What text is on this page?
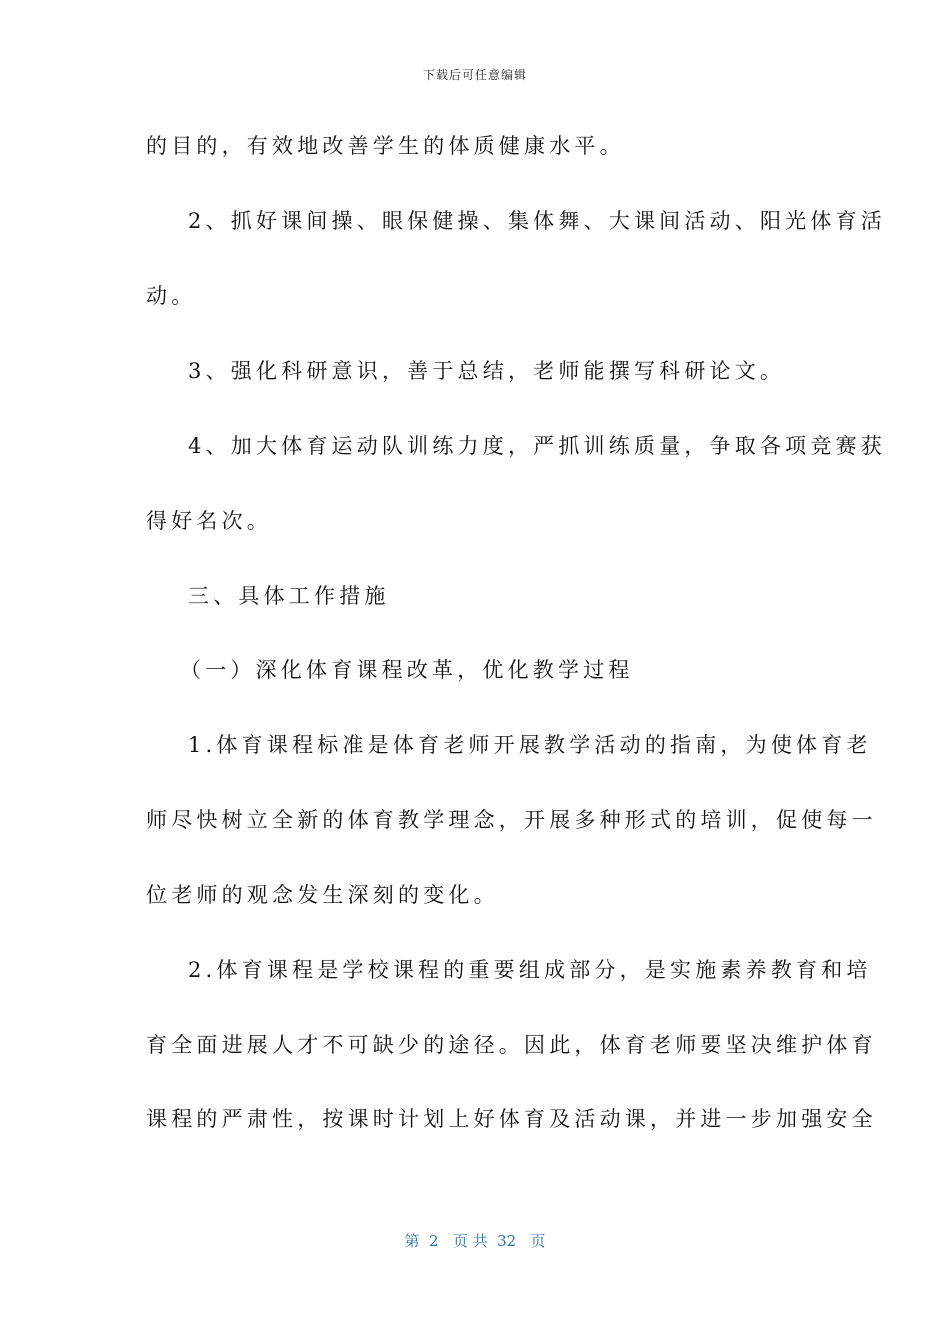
下载后可任意编辑
的目的，有效地改善学生的体质健康水平。
2、抓好课间操、眼保健操、集体舞、大课间活动、阳光体育活
动。
3、强化科研意识，善于总结，老师能撰写科研论文。
4、加大体育运动队训练力度，严抓训练质量，争取各项竞赛获
得好名次。
三、具体工作措施
（一）深化体育课程改革，优化教学过程
1.体育课程标准是体育老师开展教学活动的指南，为使体育老
师尽快树立全新的体育教学理念，开展多种形式的培训，促使每一
位老师的观念发生深刻的变化。
2.体育课程是学校课程的重要组成部分，是实施素养教育和培
育全面进展人才不可缺少的途径。因此，体育老师要坚决维护体育
课程的严肃性，按课时计划上好体育及活动课，并进一步加强安全
第  2   页 共  32   页
